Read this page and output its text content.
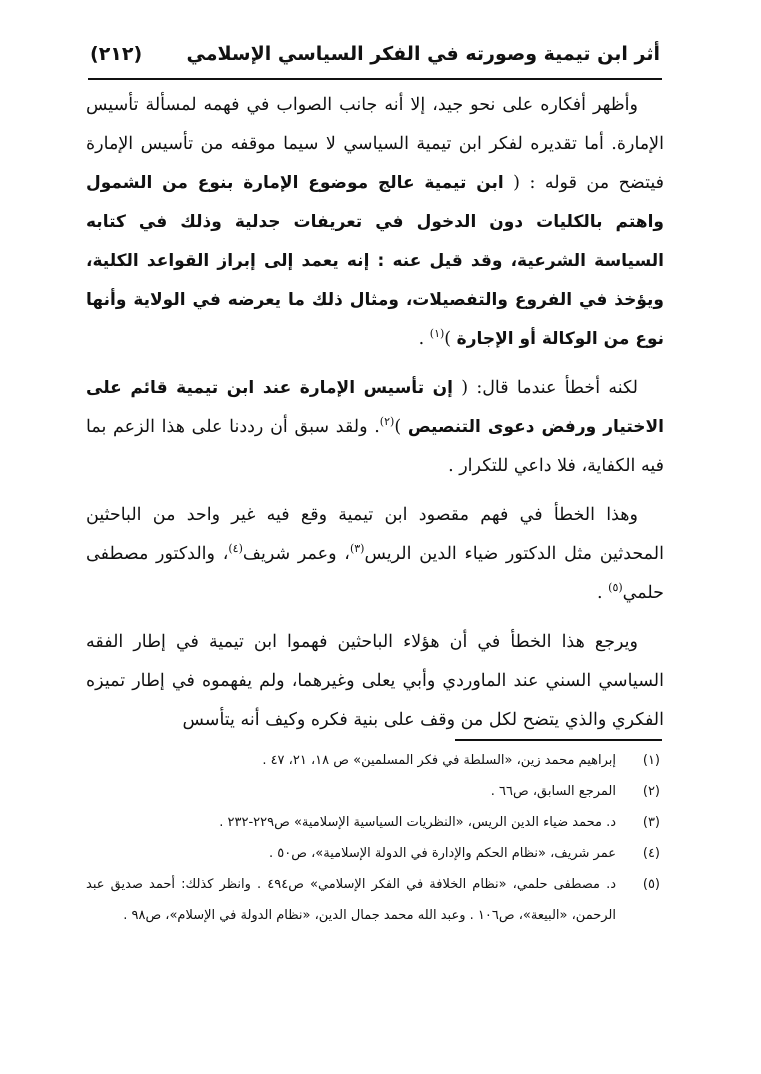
أثر ابن تيمية وصورته في الفكر السياسي الإسلامي
(٢١٢)

وأظهر أفكاره على نحو جيد، إلا أنه جانب الصواب في فهمه لمسألة تأسيس الإمارة. أما تقديره لفكر ابن تيمية السياسي لا سيما موقفه من تأسيس الإمارة فيتضح من قوله : ( ابن تيمية عالج موضوع الإمارة بنوع من الشمول واهتم بالكليات دون الدخول في تعريفات جدلية وذلك في كتابه السياسة الشرعية، وقد قيل عنه : إنه يعمد إلى إبراز القواعد الكلية، ويؤخذ في الفروع والتفصيلات، ومثال ذلك ما يعرضه في الولاية وأنها نوع من الوكالة أو الإجارة )$^{(١)}$ .

لكنه أخطأ عندما قال: ( إن تأسيس الإمارة عند ابن تيمية قائم على الاختيار ورفض دعوى التنصيص )$^{(٢)}$. ولقد سبق أن رددنا على هذا الزعم بما فيه الكفاية، فلا داعي للتكرار .

وهذا الخطأ في فهم مقصود ابن تيمية وقع فيه غير واحد من الباحثين المحدثين مثل الدكتور ضياء الدين الريس$^{(٣)}$، وعمر شريف$^{(٤)}$، والدكتور مصطفى حلمي$^{(٥)}$ .

ويرجع هذا الخطأ في أن هؤلاء الباحثين فهموا ابن تيمية في إطار الفقه السياسي السني عند الماوردي وأبي يعلى وغيرهما، ولم يفهموه في إطار تميزه الفكري والذي يتضح لكل من وقف على بنية فكره وكيف أنه يتأسس

(١)
إبراهيم محمد زين، «السلطة في فكر المسلمين» ص ١٨، ٢١، ٤٧ .
(٢)
المرجع السابق، ص٦٦ .
(٣)
د. محمد ضياء الدين الريس، «النظريات السياسية الإسلامية» ص٢٢٩-٢٣٢ .
(٤)
عمر شريف، «نظام الحكم والإدارة في الدولة الإسلامية»، ص٥٠ .
(٥)
د. مصطفى حلمي، «نظام الخلافة في الفكر الإسلامي» ص٤٩٤ . وانظر كذلك: أحمد صديق عبد الرحمن، «البيعة»، ص١٠٦ . وعبد الله محمد جمال الدين، «نظام الدولة في الإسلام»، ص٩٨ .
